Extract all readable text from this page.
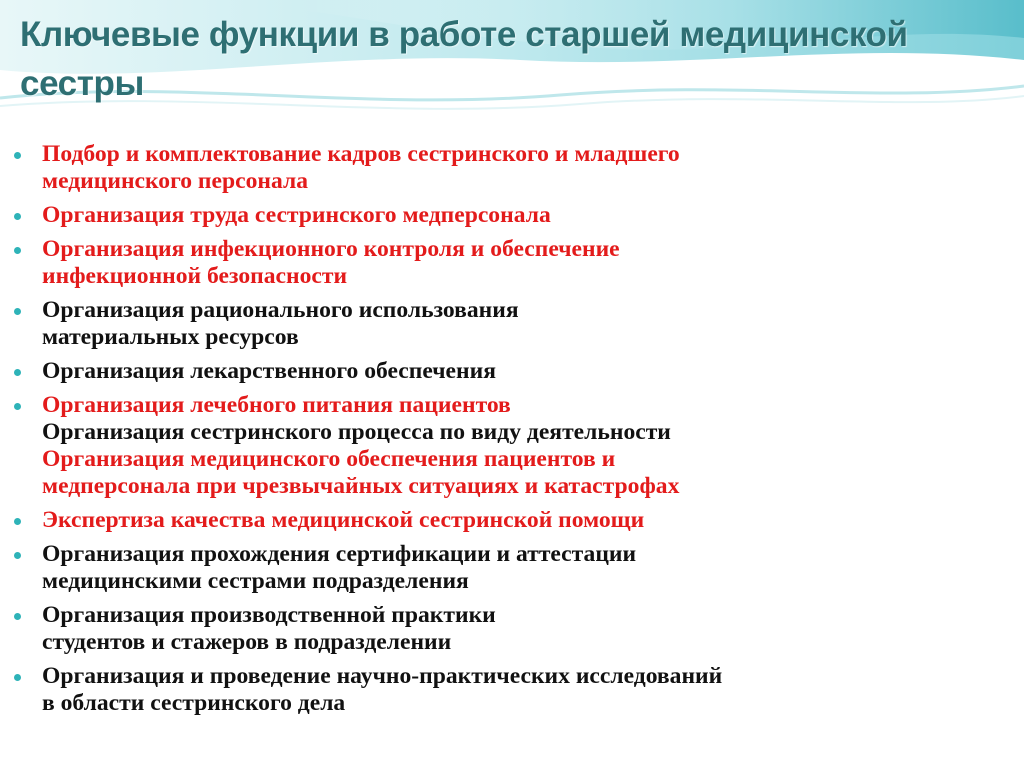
Ключевые функции в работе старшей медицинской сестры
Подбор и комплектование кадров сестринского и младшего
медицинского персонала
Организация труда сестринского медперсонала
Организация инфекционного контроля и обеспечение
инфекционной безопасности
Организация рационального использования
материальных ресурсов
Организация лекарственного обеспечения
Организация лечебного питания пациентов
Организация сестринского процесса по виду деятельности
Организация медицинского обеспечения пациентов и
медперсонала при чрезвычайных ситуациях и катастрофах
Экспертиза качества медицинской сестринской помощи
Организация прохождения сертификации и аттестации
медицинскими сестрами подразделения
Организация производственной практики
студентов и стажеров в подразделении
Организация и проведение научно-практических исследований
в области сестринского дела
